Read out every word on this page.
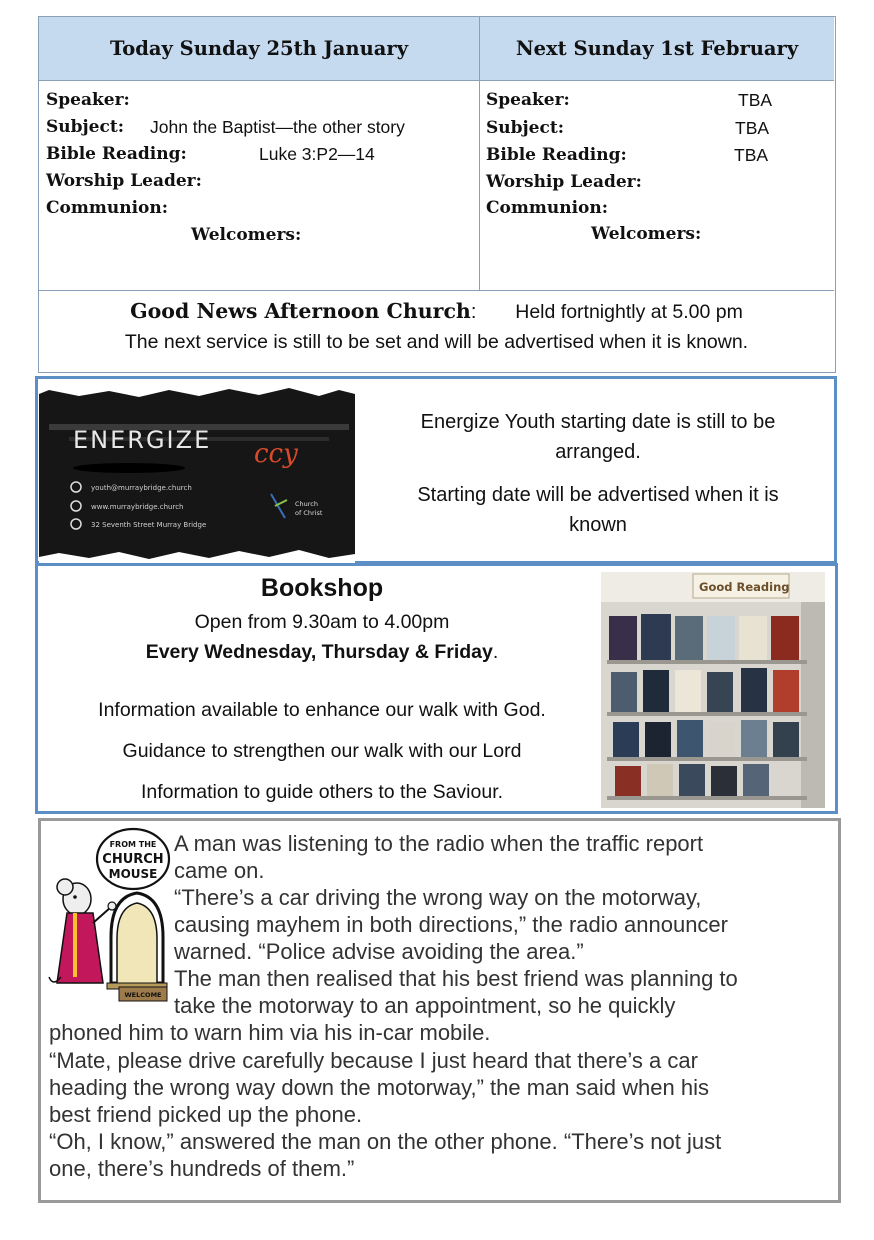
Today Sunday 25th January	Next Sunday 1st February
Speaker:
Subject: John the Baptist—the other story
Bible Reading:	Luke 3:P2—14
Worship Leader:
Communion:
Welcomers:
Speaker:	TBA
Subject:	TBA
Bible Reading:	TBA
Worship Leader:
Communion:
Welcomers:
Good News Afternoon Church: Held fortnightly at 5.00 pm
The next service is still to be set and will be advertised when it is known.
ENERGIZE ccy
youth@murraybridge.church
www.murraybridge.church
32 Seventh Street Murray Bridge
Church
of Christ
Energize Youth starting date is still to be
arranged.
Starting date will be advertised when it is
known
Bookshop
Open from 9.30am to 4.00pm
Every Wednesday, Thursday & Friday.
Information available to enhance our walk with God.
Guidance to strengthen our walk with our Lord
Information to guide others to the Saviour.
Good Reading
FROM THE
CHURCH
MOUSE
WELCOME
A man was listening to the radio when the traffic report
came on.
“There’s a car driving the wrong way on the motorway,
causing mayhem in both directions,” the radio announcer
warned. “Police advise avoiding the area.”
The man then realised that his best friend was planning to
take the motorway to an appointment, so he quickly
phoned him to warn him via his in-car mobile.
“Mate, please drive carefully because I just heard that there’s a car
heading the wrong way down the motorway,” the man said when his
best friend picked up the phone.
“Oh, I know,” answered the man on the other phone. “There’s not just
one, there’s hundreds of them.”
